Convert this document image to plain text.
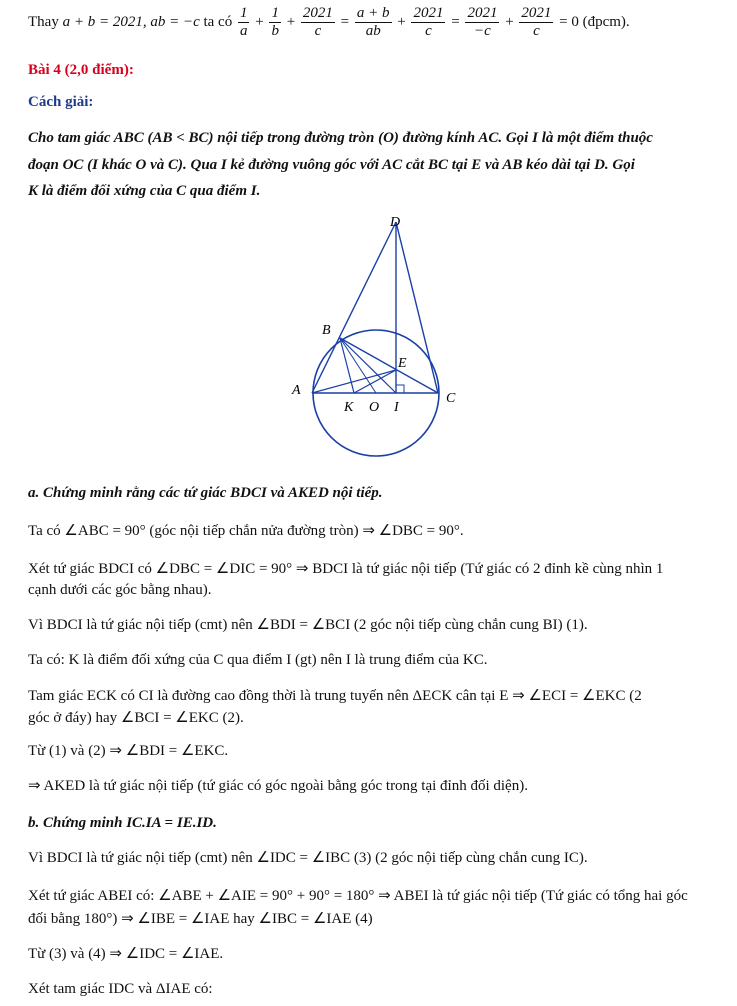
Thay a + b = 2021, ab = −c ta có $\frac{1}{a} + \frac{1}{b} + \frac{2021}{c} = \frac{a + b}{ab} + \frac{2021}{c} = \frac{2021}{-c} + \frac{2021}{c} = 0$ (đpcm).
Bài 4 (2,0 điểm):
Cách giải:
Cho tam giác ABC (AB < BC) nội tiếp trong đường tròn (O) đường kính AC. Gọi I là một điểm thuộc
đoạn OC (I khác O và C). Qua I kẻ đường vuông góc với AC cắt BC tại E và AB kéo dài tại D. Gọi
K là điểm đối xứng của C qua điểm I.
D
B
E
A
C
K O I
a. Chứng minh rằng các tứ giác BDCI và AKED nội tiếp.
Ta có ∠ABC = 90° (góc nội tiếp chắn nửa đường tròn) ⇒ ∠DBC = 90°.
Xét tứ giác BDCI có ∠DBC = ∠DIC = 90° ⇒ BDCI là tứ giác nội tiếp (Tứ giác có 2 đỉnh kề cùng nhìn 1
cạnh dưới các góc bằng nhau).
Vì BDCI là tứ giác nội tiếp (cmt) nên ∠BDI = ∠BCI (2 góc nội tiếp cùng chắn cung BI) (1).
Ta có: K là điểm đối xứng của C qua điểm I (gt) nên I là trung điểm của KC.
Tam giác ECK có CI là đường cao đồng thời là trung tuyến nên ΔECK cân tại E ⇒ ∠ECI = ∠EKC (2
góc ở đáy) hay ∠BCI = ∠EKC (2).
Từ (1) và (2) ⇒ ∠BDI = ∠EKC.
⇒ AKED là tứ giác nội tiếp (tứ giác có góc ngoài bằng góc trong tại đỉnh đối diện).
b. Chứng minh IC.IA = IE.ID.
Vì BDCI là tứ giác nội tiếp (cmt) nên ∠IDC = ∠IBC (3) (2 góc nội tiếp cùng chắn cung IC).
Xét tứ giác ABEI có: ∠ABE + ∠AIE = 90° + 90° = 180° ⇒ ABEI là tứ giác nội tiếp (Tứ giác có tổng hai góc
đối bằng 180°) ⇒ ∠IBE = ∠IAE hay ∠IBC = ∠IAE (4)
Từ (3) và (4) ⇒ ∠IDC = ∠IAE.
Xét tam giác IDC và ΔIAE có:
